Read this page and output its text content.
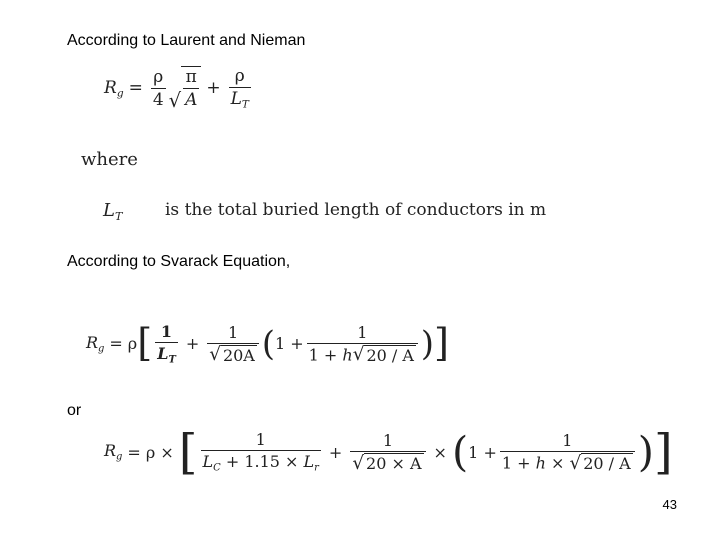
According to Laurent and Nieman
$R_g = \frac{\rho}{4}$ √ $\frac{\pi}{A} + \frac{\rho}{L_T}$
where
$L_T$	is the total buried length of conductors in m
According to Svarack Equation,
$R_g = \rho$ [ $\frac{1}{L_T} + \frac{1}{√ 20A}$ ( $1 + \frac{1}{1 + h √ 20 / A}$ ) ]
or
$R_g = \rho$ × [ $\frac{1}{L_C + 1.15 \times L_r} + \frac{1}{√ 20 \times A}$ × ( $1 + \frac{1}{1 + h \times √ 20 / A}$ ) ]
43
